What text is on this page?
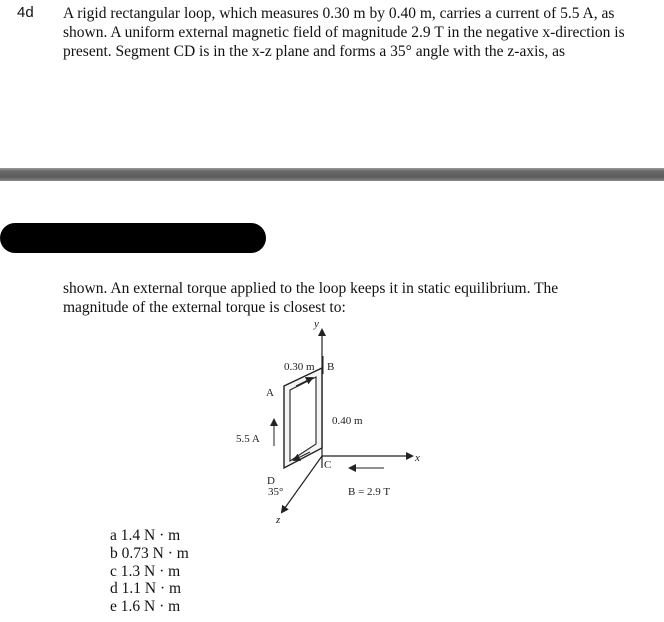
4d A rigid rectangular loop, which measures 0.30 m by 0.40 m, carries a current of 5.5 A, as shown. A uniform external magnetic field of magnitude 2.9 T in the negative x-direction is present. Segment CD is in the x-z plane and forms a 35° angle with the z-axis, as

shown. An external torque applied to the loop keeps it in static equilibrium. The magnitude of the external torque is closest to:

y
x
z
5.5 A
0.30 m B
A
C
D
0.40 m
35°	B = 2.9 T
a 1.4 N · m
b 0.73 N · m
c 1.3 N · m
d 1.1 N · m
e 1.6 N · m
